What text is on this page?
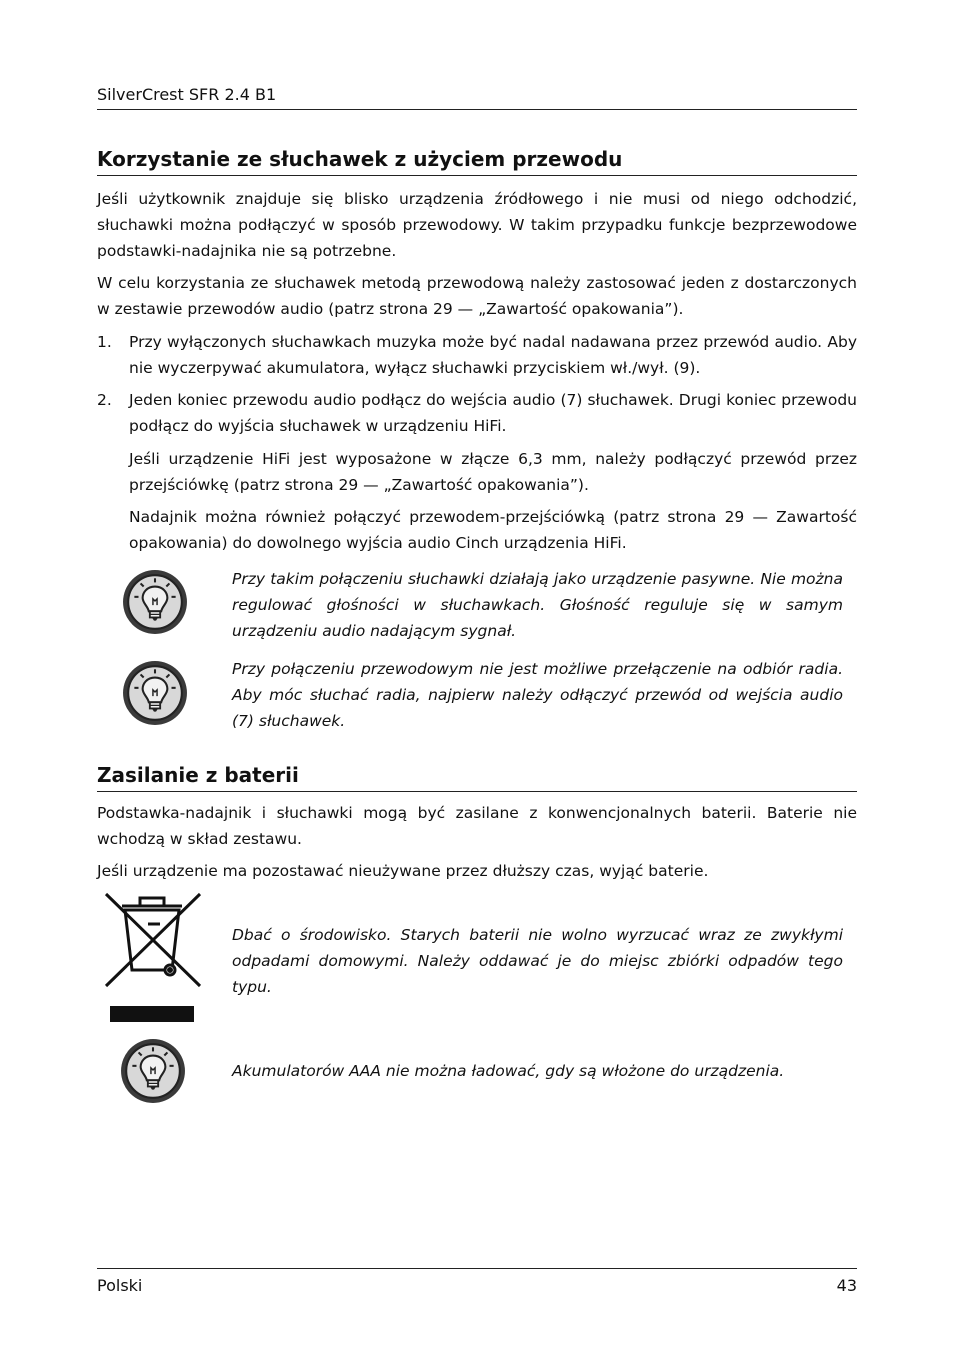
SilverCrest SFR 2.4 B1
Korzystanie ze słuchawek z użyciem przewodu

Jeśli użytkownik znajduje się blisko urządzenia źródłowego i nie musi od niego odchodzić, słuchawki można podłączyć w sposób przewodowy. W takim przypadku funkcje bezprzewodowe podstawki-nadajnika nie są potrzebne.

W celu korzystania ze słuchawek metodą przewodową należy zastosować jeden z dostarczonych w zestawie przewodów audio (patrz strona 29 — „Zawartość opakowania”).

1.	Przy wyłączonych słuchawkach muzyka może być nadal nadawana przez przewód audio. Aby nie wyczerpywać akumulatora, wyłącz słuchawki przyciskiem wł./wył. (9).
2.	Jeden koniec przewodu audio podłącz do wejścia audio (7) słuchawek. Drugi koniec przewodu podłącz do wyjścia słuchawek w urządzeniu HiFi.

Jeśli urządzenie HiFi jest wyposażone w złącze 6,3 mm, należy podłączyć przewód przez przejściówkę (patrz strona 29 — „Zawartość opakowania”).

Nadajnik można również połączyć przewodem-przejściówką (patrz strona 29 — Zawartość opakowania) do dowolnego wyjścia audio Cinch urządzenia HiFi.

Przy takim połączeniu słuchawki działają jako urządzenie pasywne. Nie można regulować głośności w słuchawkach. Głośność reguluje się w samym urządzeniu audio nadającym sygnał.

Przy połączeniu przewodowym nie jest możliwe przełączenie na odbiór radia. Aby móc słuchać radia, najpierw należy odłączyć przewód od wejścia audio (7) słuchawek.

Zasilanie z baterii

Podstawka-nadajnik i słuchawki mogą być zasilane z konwencjonalnych baterii. Baterie nie wchodzą w skład zestawu.

Jeśli urządzenie ma pozostawać nieużywane przez dłuższy czas, wyjąć baterie.

Dbać o środowisko. Starych baterii nie wolno wyrzucać wraz ze zwykłymi odpadami domowymi. Należy oddawać je do miejsc zbiórki odpadów tego typu.

Akumulatorów AAA nie można ładować, gdy są włożone do urządzenia.

Polski	43
